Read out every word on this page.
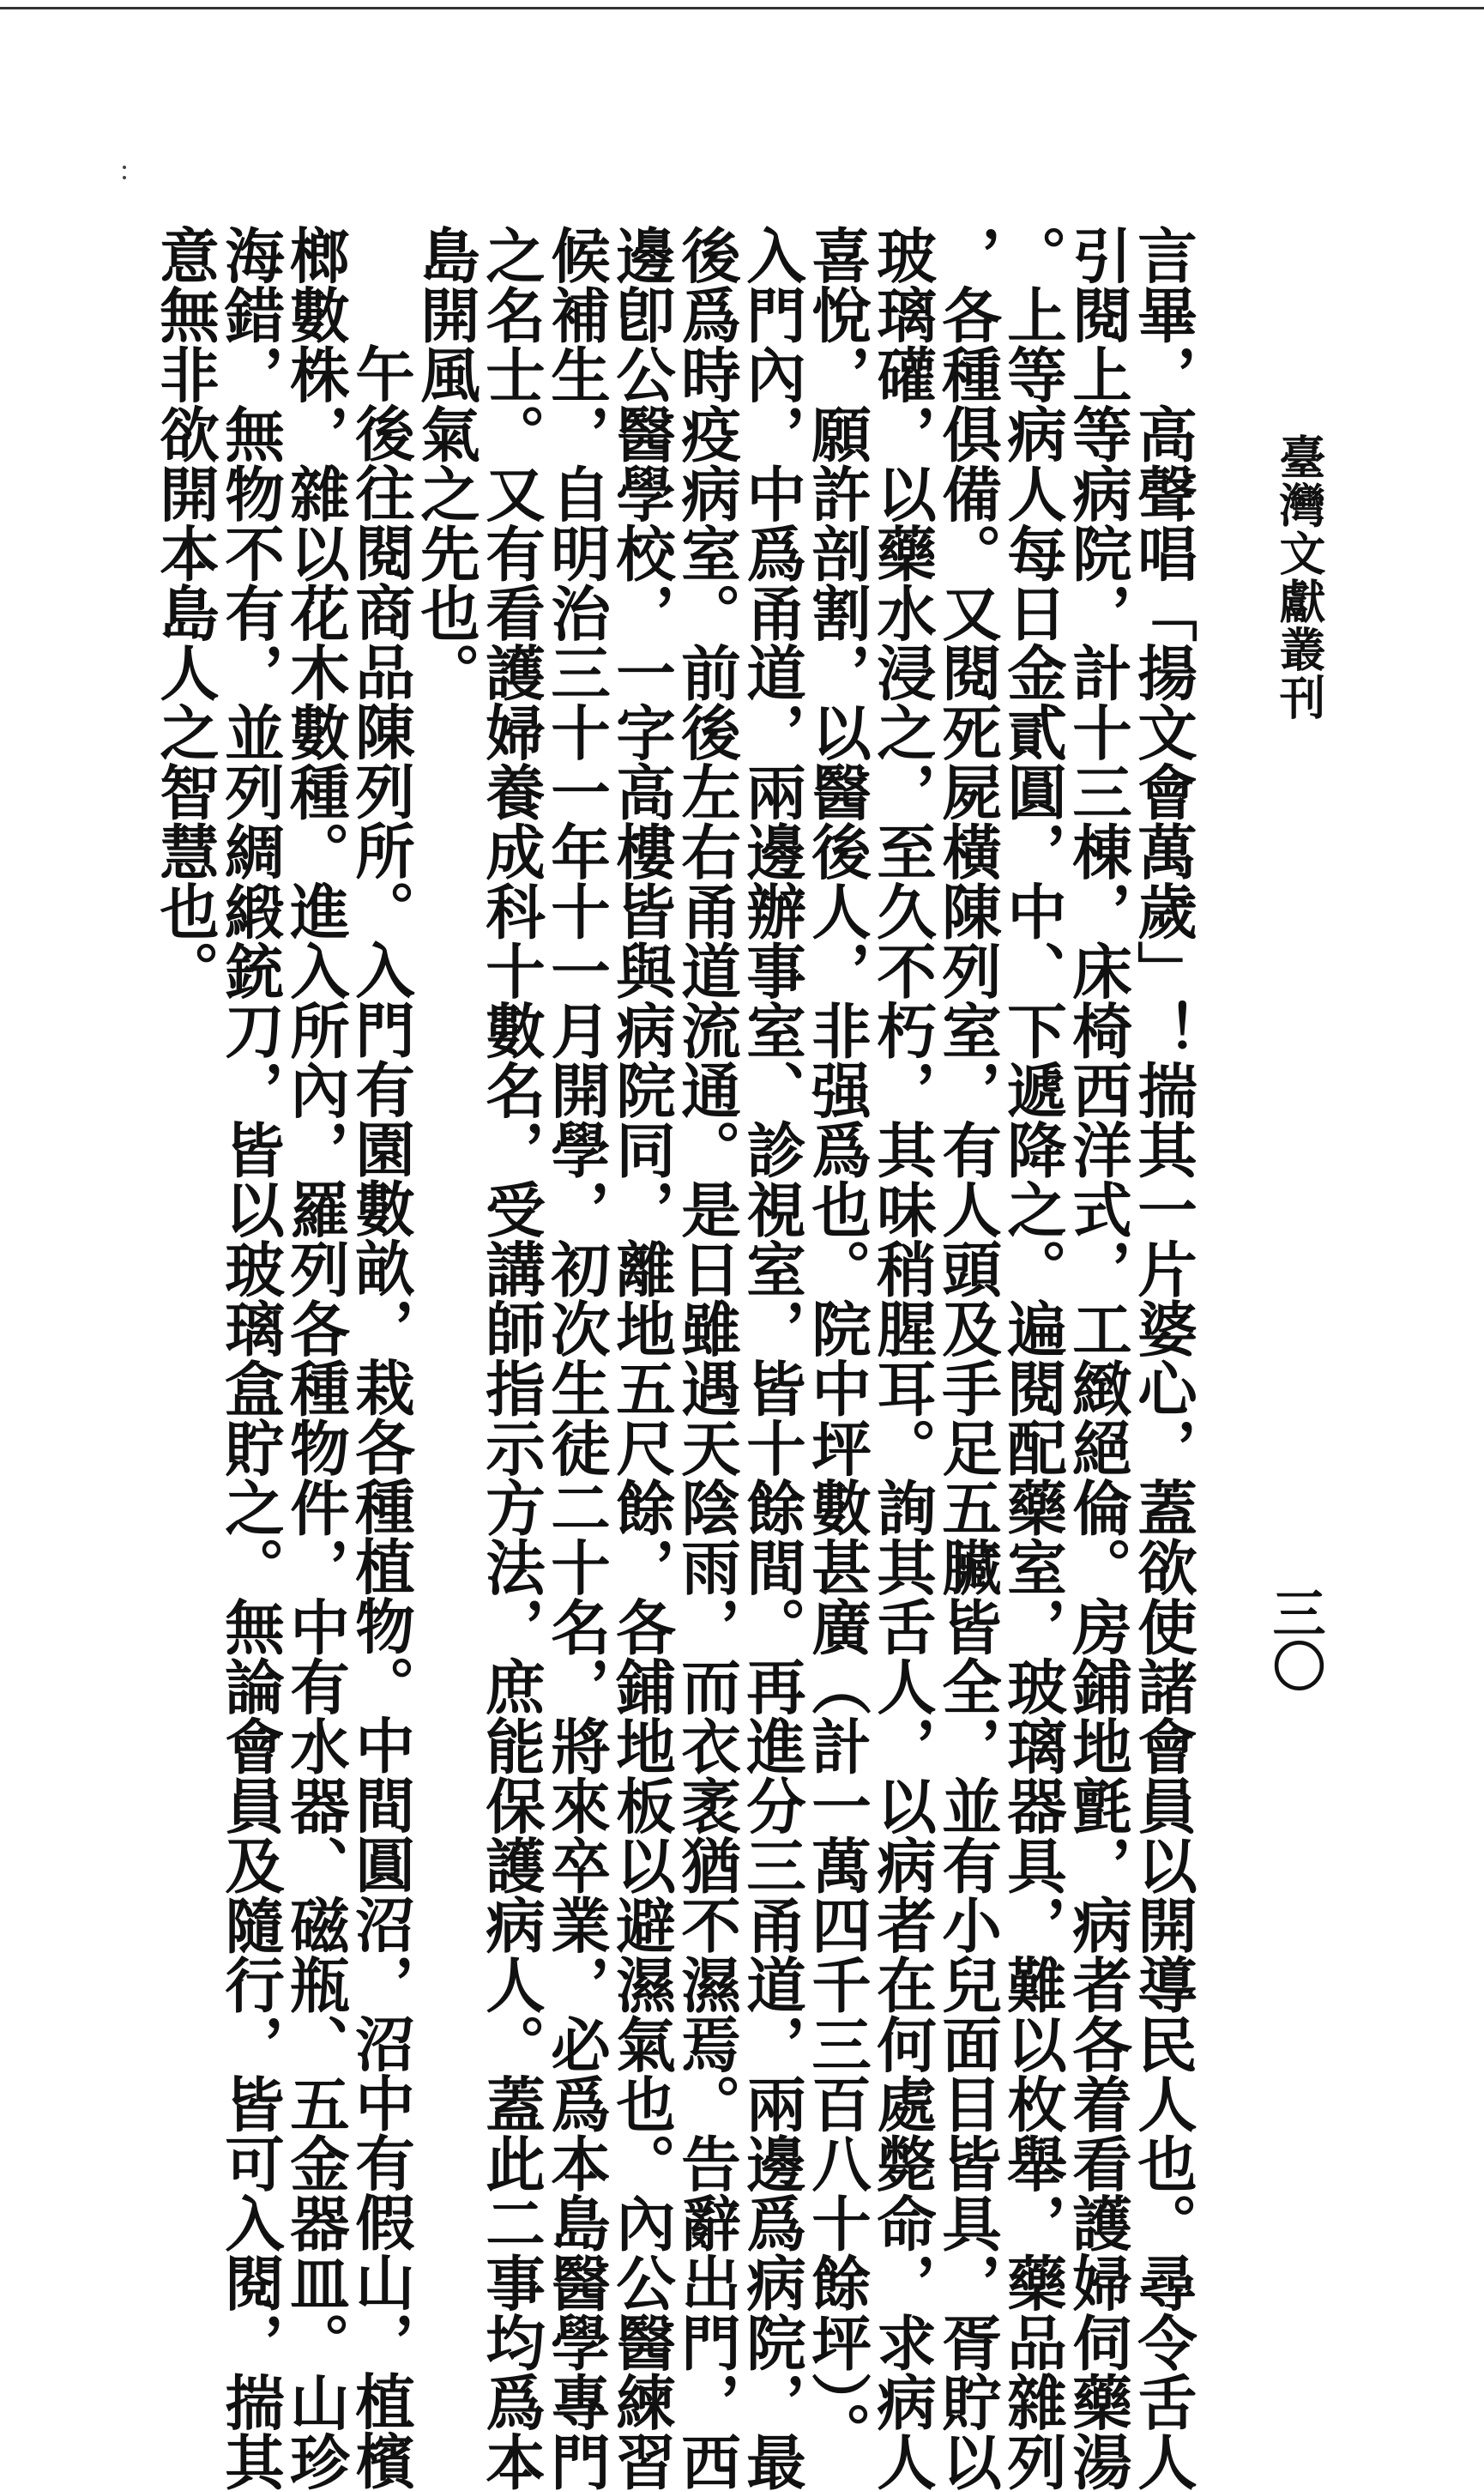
臺灣文獻叢刊
三〇
言畢，高聲唱「揚文會萬歲」！揣其一片婆心，蓋欲使諸會員以開導民人也。尋令舌人
引閱上等病院，計十三棟，床椅西洋式，工緻絕倫。房鋪地氈，病者各着看護婦伺藥湯
。上等病人每日金貳圓，中、下遞降之。遍閱配藥室，玻璃器具，難以枚舉，藥品雜列
，各種俱備。又閱死屍橫陳列室，有人頭及手足五臟皆全，並有小兒面目皆具，胥貯以
玻璃礶，以藥水浸之，至久不朽，其味稍腥耳。詢其舌人，以病者在何處斃命，求病人
喜悅，願許剖割，以醫後人，非强爲也。院中坪數甚廣（計一萬四千三百八十餘坪）。
入門內，中爲甬道，兩邊辦事室、診視室，皆十餘間。再進分三甬道，兩邊爲病院，最
後爲時疫病室。前後左右甬道流通。是日雖遇天陰雨，而衣袤猶不濕焉。告辭出門，西
邊卽公醫學校，一字高樓皆與病院同，離地五尺餘，各鋪地板以避濕氣也。內公醫練習
候補生，自明治三十一年十一月開學，初次生徒二十名，將來卒業，必爲本島醫學專門
之名士。又有看護婦養成科十數名，受講師指示方法，庶能保護病人。蓋此二事均爲本
島開風氣之先也。
午後往閱商品陳列所。入門有園數畝，栽各種植物。中間圓沼，沼中有假山，植檳
榔數株，雜以花木數種。進入所內，羅列各種物件，中有水器、磁瓶、五金器皿。山珍
海錯，無物不有，並列綢緞銃刀，皆以玻璃盒貯之。無論會員及隨行，皆可入閱，揣其
意無非欲開本島人之智慧也。
